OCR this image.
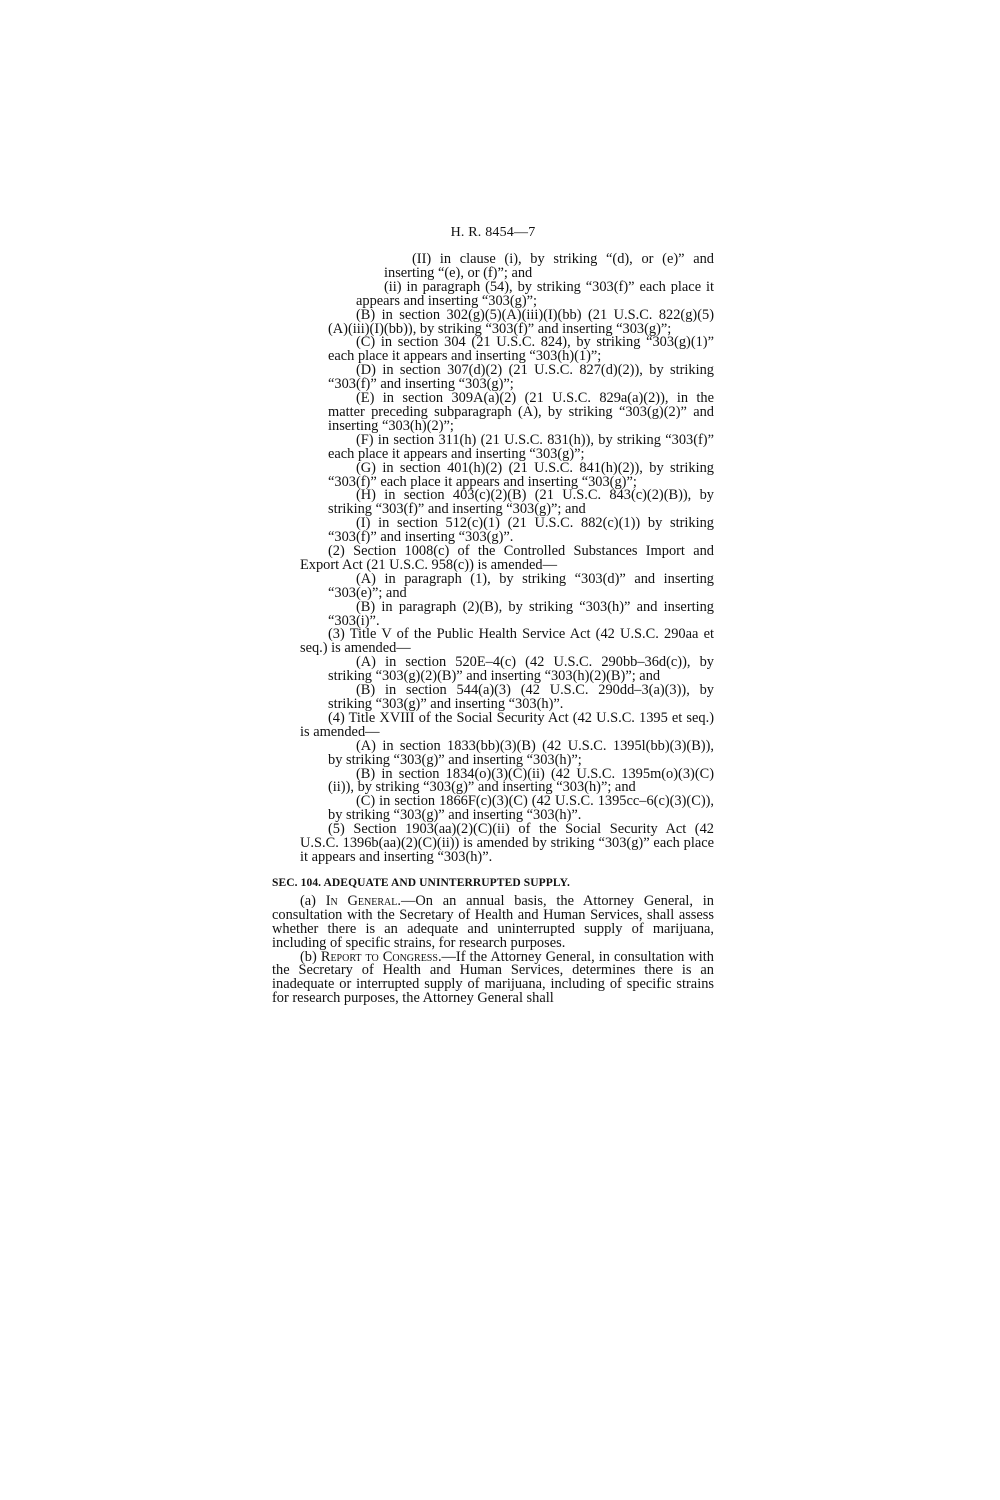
H. R. 8454—7

(II) in clause (i), by striking “(d), or (e)” and inserting “(e), or (f)”; and

(ii) in paragraph (54), by striking “303(f)” each place it appears and inserting “303(g)”;

(B) in section 302(g)(5)(A)(iii)(I)(bb) (21 U.S.C. 822(g)(5)(A)(iii)(I)(bb)), by striking “303(f)” and inserting “303(g)”;

(C) in section 304 (21 U.S.C. 824), by striking “303(g)(1)” each place it appears and inserting “303(h)(1)”;

(D) in section 307(d)(2) (21 U.S.C. 827(d)(2)), by striking “303(f)” and inserting “303(g)”;

(E) in section 309A(a)(2) (21 U.S.C. 829a(a)(2)), in the matter preceding subparagraph (A), by striking “303(g)(2)” and inserting “303(h)(2)”;

(F) in section 311(h) (21 U.S.C. 831(h)), by striking “303(f)” each place it appears and inserting “303(g)”;

(G) in section 401(h)(2) (21 U.S.C. 841(h)(2)), by striking “303(f)” each place it appears and inserting “303(g)”;

(H) in section 403(c)(2)(B) (21 U.S.C. 843(c)(2)(B)), by striking “303(f)” and inserting “303(g)”; and

(I) in section 512(c)(1) (21 U.S.C. 882(c)(1)) by striking “303(f)” and inserting “303(g)”.

(2) Section 1008(c) of the Controlled Substances Import and Export Act (21 U.S.C. 958(c)) is amended—

(A) in paragraph (1), by striking “303(d)” and inserting “303(e)”; and

(B) in paragraph (2)(B), by striking “303(h)” and inserting “303(i)”.

(3) Title V of the Public Health Service Act (42 U.S.C. 290aa et seq.) is amended—

(A) in section 520E–4(c) (42 U.S.C. 290bb–36d(c)), by striking “303(g)(2)(B)” and inserting “303(h)(2)(B)”; and

(B) in section 544(a)(3) (42 U.S.C. 290dd–3(a)(3)), by striking “303(g)” and inserting “303(h)”.

(4) Title XVIII of the Social Security Act (42 U.S.C. 1395 et seq.) is amended—

(A) in section 1833(bb)(3)(B) (42 U.S.C. 1395l(bb)(3)(B)), by striking “303(g)” and inserting “303(h)”;

(B) in section 1834(o)(3)(C)(ii) (42 U.S.C. 1395m(o)(3)(C)(ii)), by striking “303(g)” and inserting “303(h)”; and

(C) in section 1866F(c)(3)(C) (42 U.S.C. 1395cc–6(c)(3)(C)), by striking “303(g)” and inserting “303(h)”.

(5) Section 1903(aa)(2)(C)(ii) of the Social Security Act (42 U.S.C. 1396b(aa)(2)(C)(ii)) is amended by striking “303(g)” each place it appears and inserting “303(h)”.

SEC. 104. ADEQUATE AND UNINTERRUPTED SUPPLY.

(a) In General.—On an annual basis, the Attorney General, in consultation with the Secretary of Health and Human Services, shall assess whether there is an adequate and uninterrupted supply of marijuana, including of specific strains, for research purposes.

(b) Report to Congress.—If the Attorney General, in consultation with the Secretary of Health and Human Services, determines there is an inadequate or interrupted supply of marijuana, including of specific strains for research purposes, the Attorney General shall
